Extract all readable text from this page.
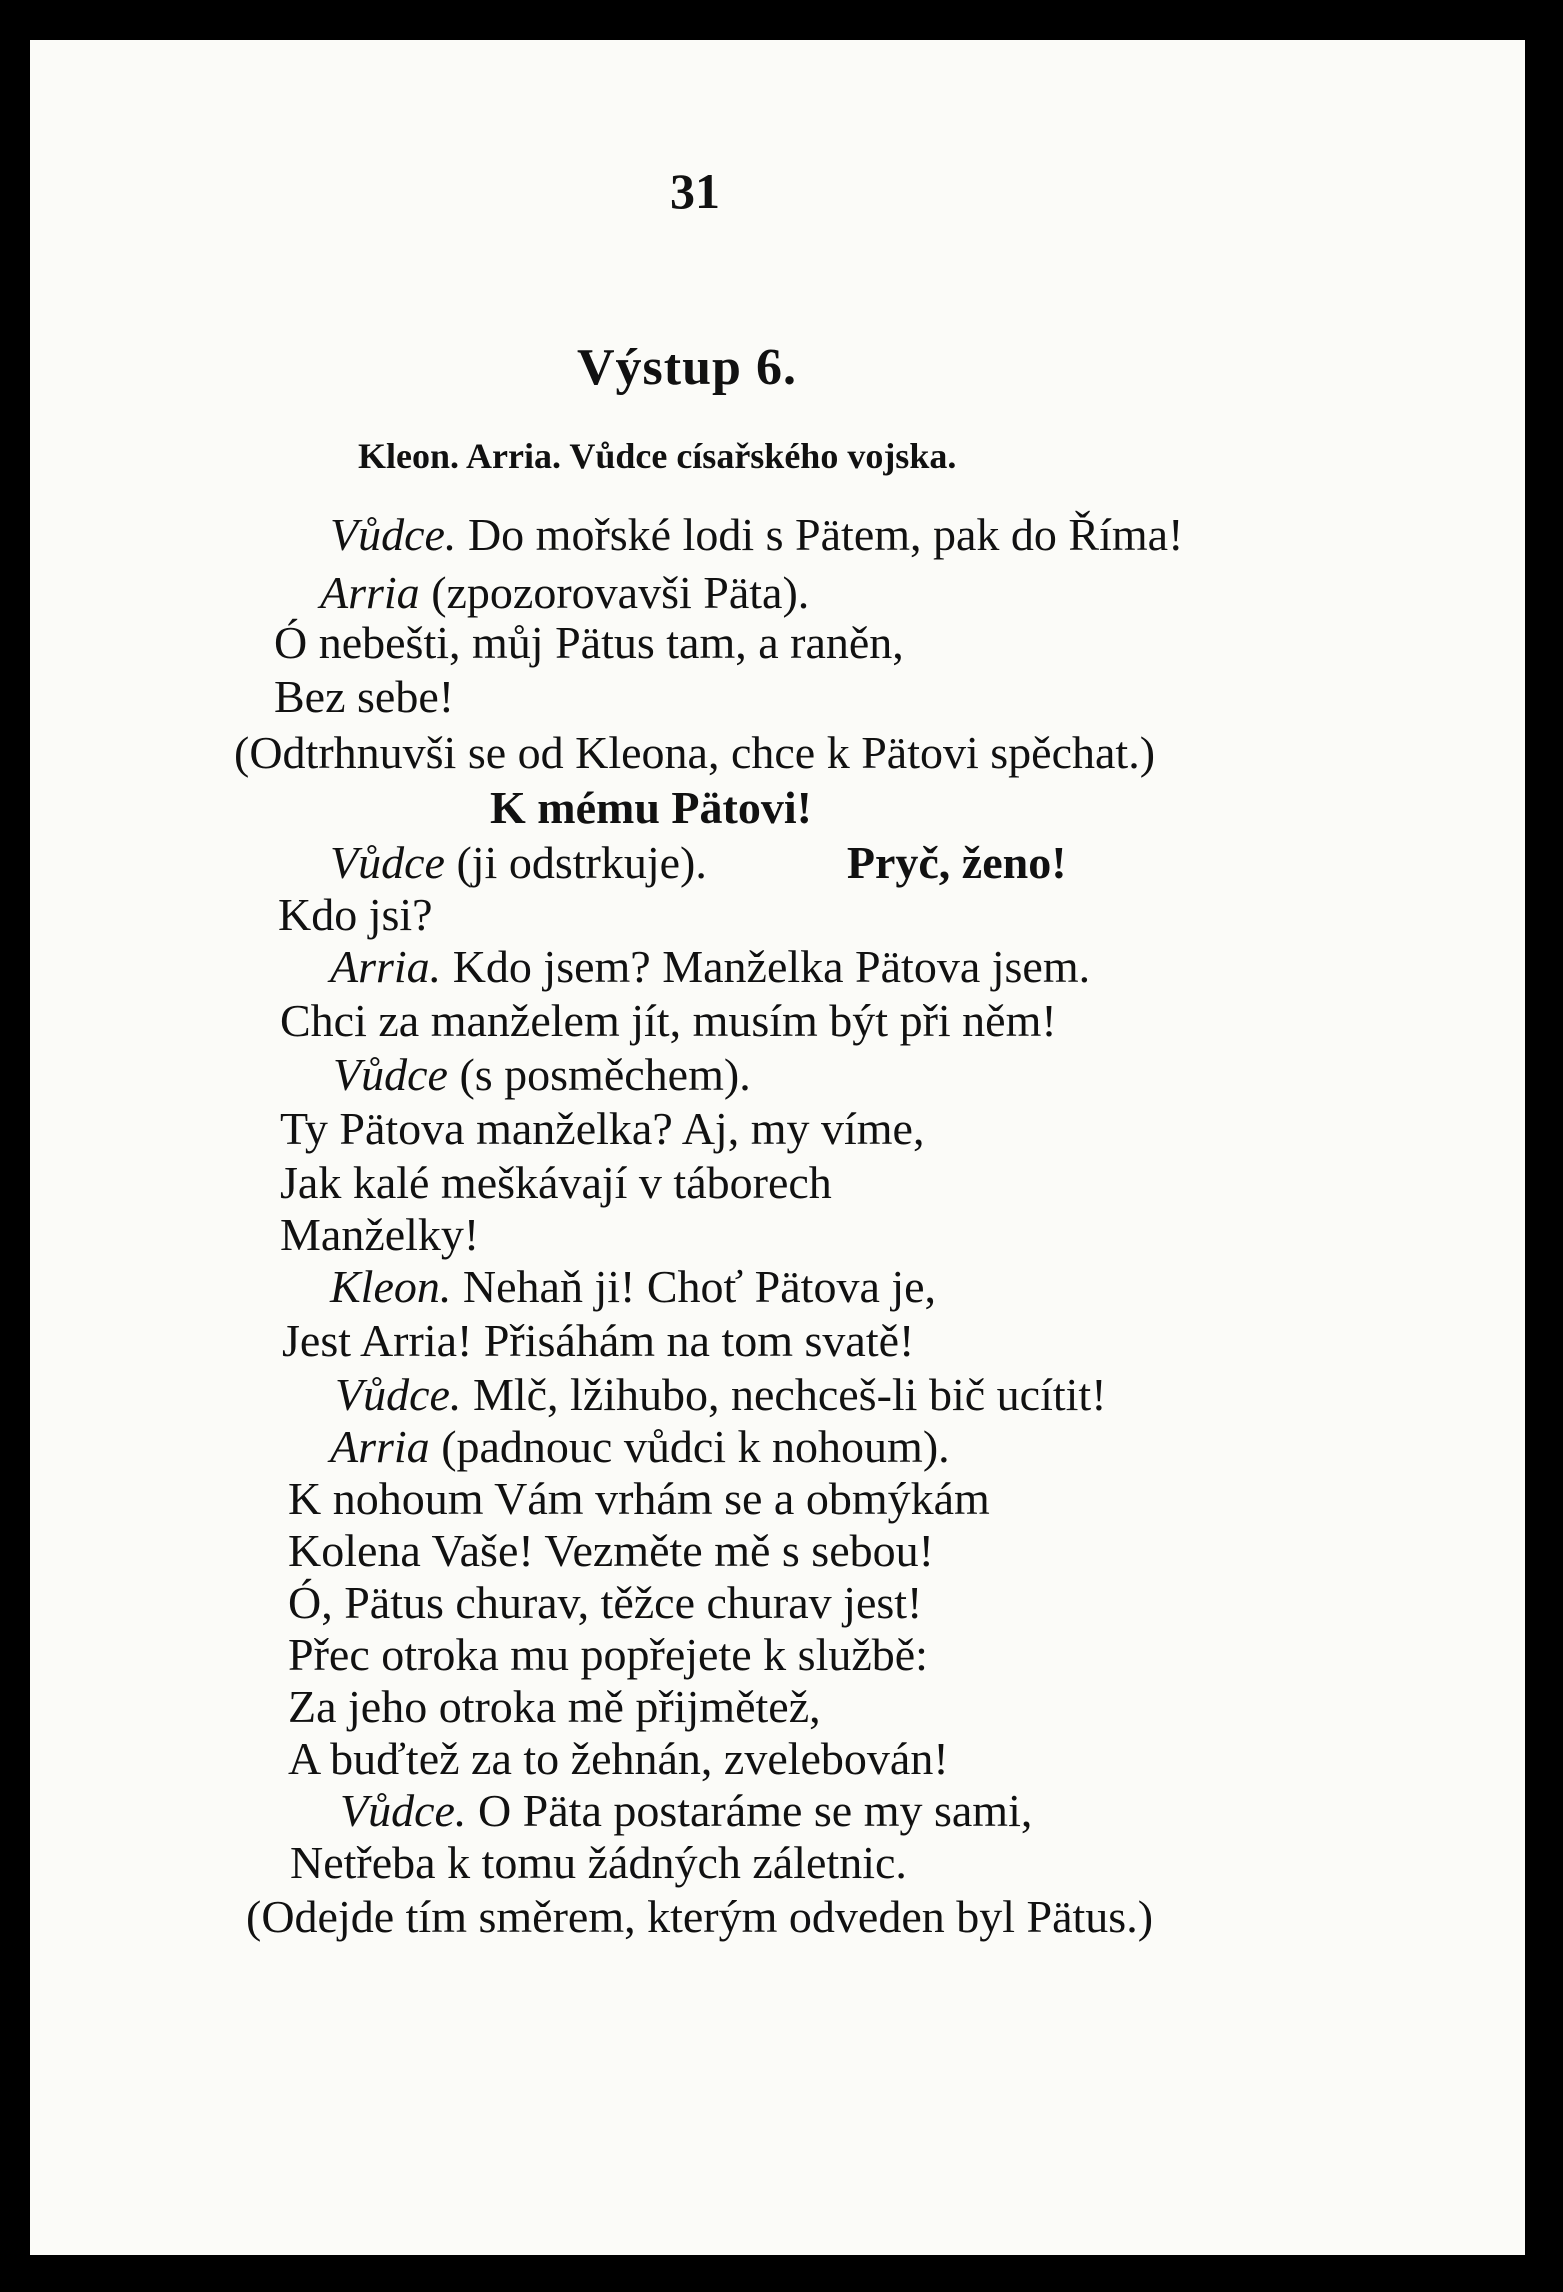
31
Výstup 6.
Kleon. Arria. Vůdce císařského vojska.
Vůdce. Do mořské lodi s Pätem, pak do Říma!
Arria (zpozorovavši Päta).
Ó nebešti, můj Pätus tam, a raněn,
Bez sebe!
(Odtrhnuvši se od Kleona, chce k Pätovi spěchat.)
K mému Pätovi!
Vůdce (ji odstrkuje).	Pryč, ženo!
Kdo jsi?
Arria. Kdo jsem? Manželka Pätova jsem.
Chci za manželem jít, musím být při něm!
Vůdce (s posměchem).
Ty Pätova manželka? Aj, my víme,
Jak kalé meškávají v táborech
Manželky!
Kleon. Nehaň ji! Choť Pätova je,
Jest Arria! Přisáhám na tom svatě!
Vůdce. Mlč, lžihubo, nechceš-li bič ucítit!
Arria (padnouc vůdci k nohoum).
K nohoum Vám vrhám se a obmýkám
Kolena Vaše! Vezměte mě s sebou!
Ó, Pätus churav, těžce churav jest!
Přec otroka mu popřejete k službě:
Za jeho otroka mě přijmětež,
A buďtež za to žehnán, zvelebován!
Vůdce. O Päta postaráme se my sami,
Netřeba k tomu žádných záletnic.
(Odejde tím směrem, kterým odveden byl Pätus.)
